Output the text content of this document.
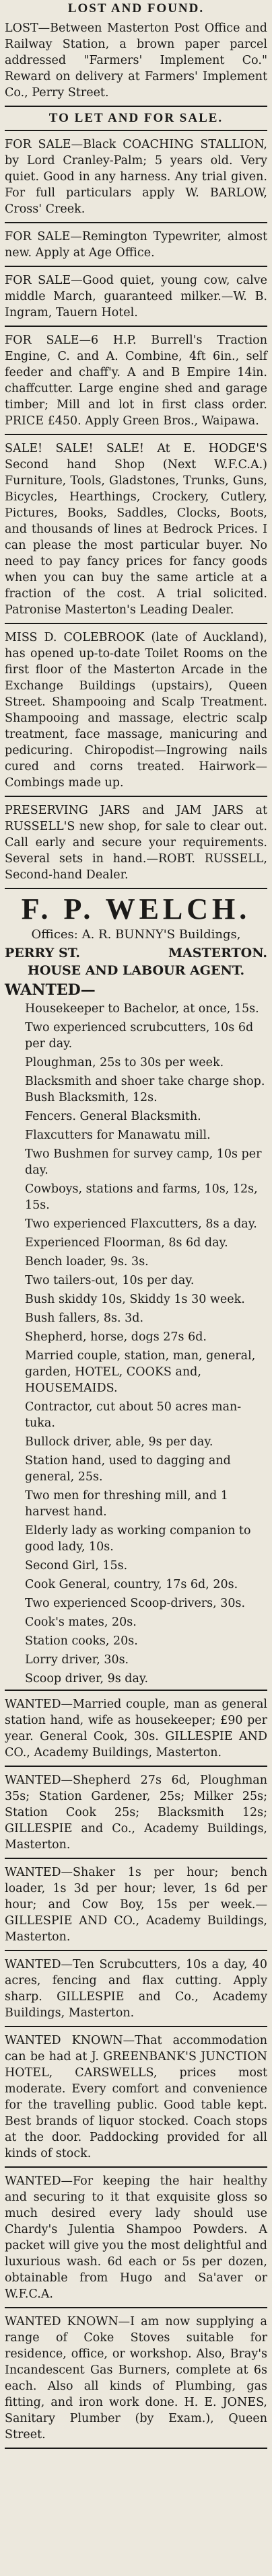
LOST AND FOUND.

LOST—Between Masterton Post Office and Railway Station, a brown paper parcel addressed "Farmers' Implement Co." Reward on delivery at Farmers' Implement Co., Perry Street.

TO LET AND FOR SALE.

FOR SALE—Black COACHING STALLION, by Lord Cranley-Palm; 5 years old. Very quiet. Good in any harness. Any trial given. For full particulars apply W. BARLOW, Cross' Creek.

FOR SALE—Remington Typewriter, almost new. Apply at Age Office.

FOR SALE—Good quiet, young cow, calve middle March, guaranteed milker.—W. B. Ingram, Tauern Hotel.

FOR SALE—6 H.P. Burrell's Traction Engine, C. and A. Combine, 4ft 6in., self feeder and chaff'y. A and B Empire 14in. chaffcutter. Large engine shed and garage timber; Mill and lot in first class order. PRICE £450. Apply Green Bros., Waipawa.

SALE! SALE! SALE! At E. HODGE'S Second hand Shop (Next W.F.C.A.) Furniture, Tools, Gladstones, Trunks, Guns, Bicycles, Hearthings, Crockery, Cutlery, Pictures, Books, Saddles, Clocks, Boots, and thousands of lines at Bedrock Prices. I can please the most particular buyer. No need to pay fancy prices for fancy goods when you can buy the same article at a fraction of the cost. A trial solicited. Patronise Masterton's Leading Dealer.

MISS D. COLEBROOK (late of Auckland), has opened up-to-date Toilet Rooms on the first floor of the Masterton Arcade in the Exchange Buildings (upstairs), Queen Street. Shampooing and Scalp Treatment. Shampooing and massage, electric scalp treatment, face massage, manicuring and pedicuring. Chiropodist—Ingrowing nails cured and corns treated. Hairwork—Combings made up.

PRESERVING JARS and JAM JARS at RUSSELL'S new shop, for sale to clear out. Call early and secure your requirements. Several sets in hand.—ROBT. RUSSELL, Second-hand Dealer.

F. P. WELCH.
Offices: A. R. BUNNY'S Buildings,
PERRY ST.	MASTERTON.
HOUSE AND LABOUR AGENT.

WANTED—

Housekeeper to Bachelor, at once, 15s.

Two experienced scrubcutters, 10s 6d per day.

Ploughman, 25s to 30s per week.

Blacksmith and shoer take charge shop. Bush Blacksmith, 12s.

Fencers. General Blacksmith.

Flaxcutters for Manawatu mill.

Two Bushmen for survey camp, 10s per day.

Cowboys, stations and farms, 10s, 12s, 15s.

Two experienced Flaxcutters, 8s a day.

Experienced Floorman, 8s 6d day.

Bench loader, 9s. 3s.

Two tailers-out, 10s per day.

Bush skiddy 10s, Skiddy 1s 30 week.

Bush fallers, 8s. 3d.

Shepherd, horse, dogs 27s 6d.

Married couple, station, man, general, garden, HOTEL, COOKS and, HOUSEMAIDS.

Contractor, cut about 50 acres man-tuka.

Bullock driver, able, 9s per day.

Station hand, used to dagging and general, 25s.

Two men for threshing mill, and 1 harvest hand.

Elderly lady as working companion to good lady, 10s.

Second Girl, 15s.

Cook General, country, 17s 6d, 20s.

Two experienced Scoop-drivers, 30s.

Cook's mates, 20s.

Station cooks, 20s.

Lorry driver, 30s.

Scoop driver, 9s day.

WANTED—Married couple, man as general station hand, wife as housekeeper; £90 per year. General Cook, 30s. GILLESPIE AND CO., Academy Buildings, Masterton.

WANTED—Shepherd 27s 6d, Ploughman 35s; Station Gardener, 25s; Milker 25s; Station Cook 25s; Blacksmith 12s; GILLESPIE and Co., Academy Buildings, Masterton.

WANTED—Shaker 1s per hour; bench loader, 1s 3d per hour; lever, 1s 6d per hour; and Cow Boy, 15s per week.—GILLESPIE AND CO., Academy Buildings, Masterton.

WANTED—Ten Scrubcutters, 10s a day, 40 acres, fencing and flax cutting. Apply sharp. GILLESPIE and Co., Academy Buildings, Masterton.

WANTED KNOWN—That accommodation can be had at J. GREENBANK'S JUNCTION HOTEL, CARSWELLS, prices most moderate. Every comfort and convenience for the travelling public. Good table kept. Best brands of liquor stocked. Coach stops at the door. Paddocking provided for all kinds of stock.

WANTED—For keeping the hair healthy and securing to it that exquisite gloss so much desired every lady should use Chardy's Julentia Shampoo Powders. A packet will give you the most delightful and luxurious wash. 6d each or 5s per dozen, obtainable from Hugo and Sa'aver or W.F.C.A.

WANTED KNOWN—I am now supplying a range of Coke Stoves suitable for residence, office, or workshop. Also, Bray's Incandescent Gas Burners, complete at 6s each. Also all kinds of Plumbing, gas fitting, and iron work done. H. E. JONES, Sanitary Plumber (by Exam.), Queen Street.
